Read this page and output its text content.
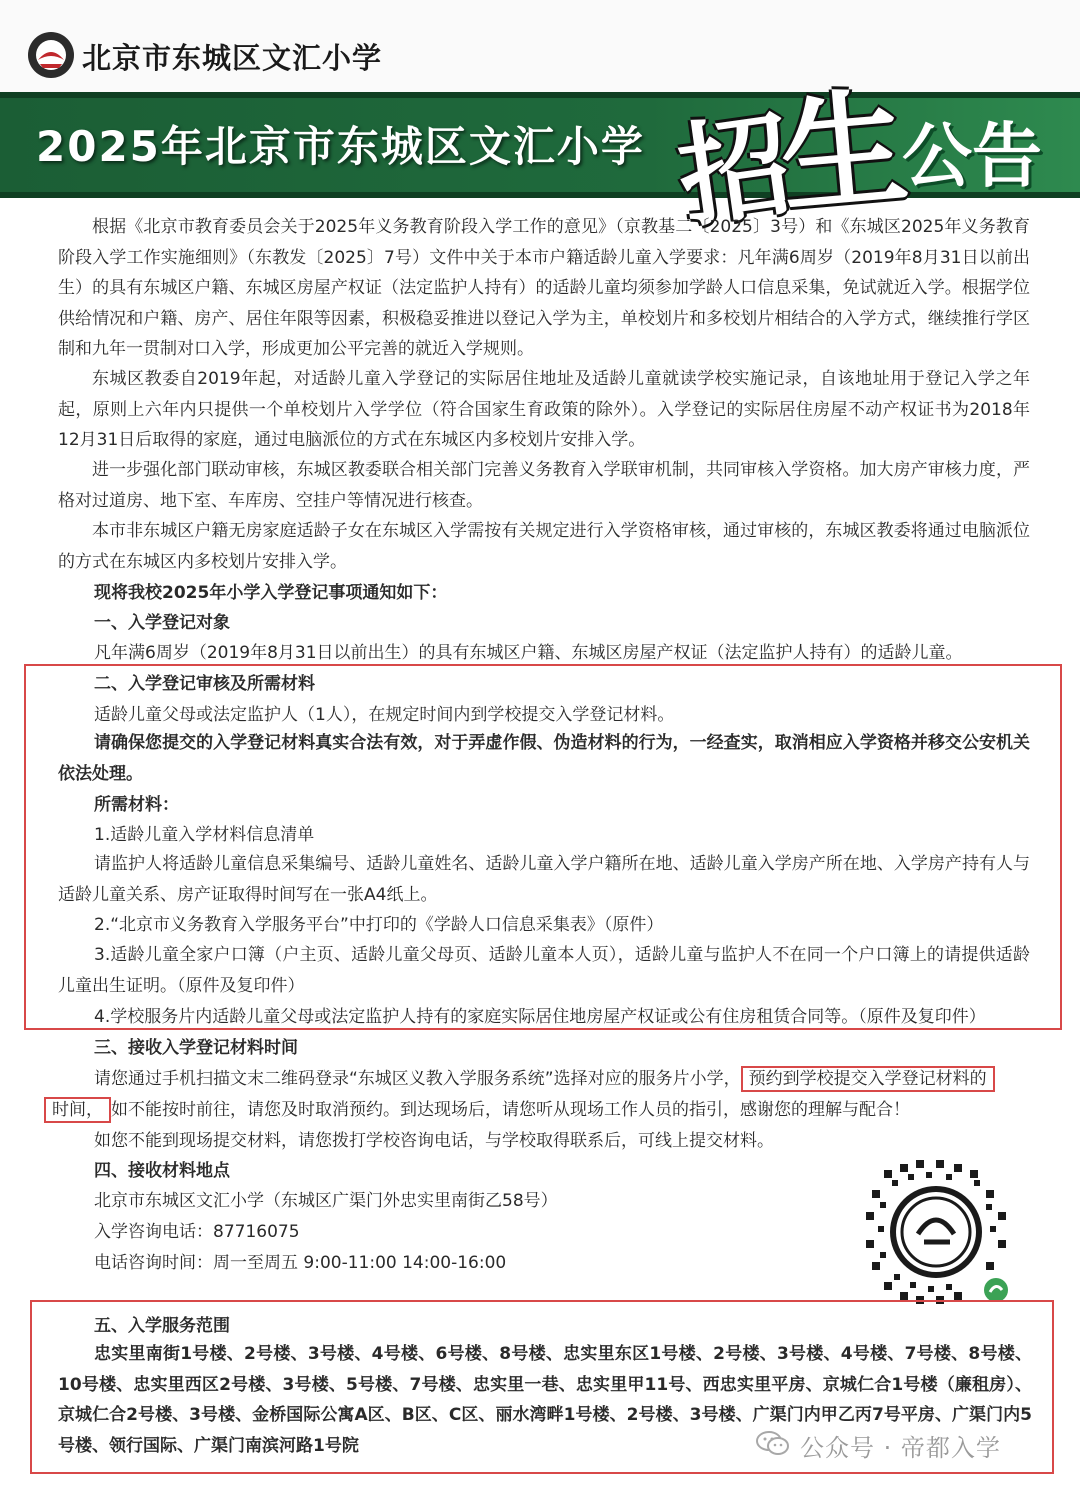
北京市东城区文汇小学
2025年北京市东城区文汇小学 招
生
公告
根据《北京市教育委员会关于2025年义务教育阶段入学工作的意见》（京教基二〔2025〕3号）和《东城区2025年义务教育阶段入学工作实施细则》（东教发〔2025〕7号）文件中关于本市户籍适龄儿童入学要求：凡年满6周岁（2019年8月31日以前出生）的具有东城区户籍、东城区房屋产权证（法定监护人持有）的适龄儿童均须参加学龄人口信息采集，免试就近入学。根据学位供给情况和户籍、房产、居住年限等因素，积极稳妥推进以登记入学为主，单校划片和多校划片相结合的入学方式，继续推行学区制和九年一贯制对口入学，形成更加公平完善的就近入学规则。
东城区教委自2019年起，对适龄儿童入学登记的实际居住地址及适龄儿童就读学校实施记录，自该地址用于登记入学之年起，原则上六年内只提供一个单校划片入学学位（符合国家生育政策的除外）。入学登记的实际居住房屋不动产权证书为2018年12月31日后取得的家庭，通过电脑派位的方式在东城区内多校划片安排入学。
进一步强化部门联动审核，东城区教委联合相关部门完善义务教育入学联审机制，共同审核入学资格。加大房产审核力度，严格对过道房、地下室、车库房、空挂户等情况进行核查。
本市非东城区户籍无房家庭适龄子女在东城区入学需按有关规定进行入学资格审核，通过审核的，东城区教委将通过电脑派位的方式在东城区内多校划片安排入学。
现将我校2025年小学入学登记事项通知如下：
一、入学登记对象
凡年满6周岁（2019年8月31日以前出生）的具有东城区户籍、东城区房屋产权证（法定监护人持有）的适龄儿童。
二、入学登记审核及所需材料
适龄儿童父母或法定监护人（1人），在规定时间内到学校提交入学登记材料。
请确保您提交的入学登记材料真实合法有效，对于弄虚作假、伪造材料的行为，一经查实，取消相应入学资格并移交公安机关依法处理。
所需材料：
1.适龄儿童入学材料信息清单
请监护人将适龄儿童信息采集编号、适龄儿童姓名、适龄儿童入学户籍所在地、适龄儿童入学房产所在地、入学房产持有人与适龄儿童关系、房产证取得时间写在一张A4纸上。
2.“北京市义务教育入学服务平台”中打印的《学龄人口信息采集表》（原件）
3.适龄儿童全家户口簿（户主页、适龄儿童父母页、适龄儿童本人页），适龄儿童与监护人不在同一个户口簿上的请提供适龄儿童出生证明。（原件及复印件）
4.学校服务片内适龄儿童父母或法定监护人持有的家庭实际居住地房屋产权证或公有住房租赁合同等。（原件及复印件）
三、接收入学登记材料时间
请您通过手机扫描文末二维码登录“东城区义教入学服务系统”选择对应的服务片小学， 预约到学校提交入学登记材料的
时间， 如不能按时前往，请您及时取消预约。到达现场后，请您听从现场工作人员的指引，感谢您的理解与配合！
如您不能到现场提交材料，请您拨打学校咨询电话，与学校取得联系后，可线上提交材料。
四、接收材料地点
北京市东城区文汇小学（东城区广渠门外忠实里南街乙58号）
入学咨询电话：87716075
电话咨询时间：周一至周五 9:00-11:00 14:00-16:00
五、入学服务范围
忠实里南街1号楼、2号楼、3号楼、4号楼、6号楼、8号楼、忠实里东区1号楼、2号楼、3号楼、4号楼、7号楼、8号楼、10号楼、忠实里西区2号楼、3号楼、5号楼、7号楼、忠实里一巷、忠实里甲11号、西忠实里平房、京城仁合1号楼（廉租房）、京城仁合2号楼、3号楼、金桥国际公寓A区、B区、C区、丽水湾畔1号楼、2号楼、3号楼、广渠门内甲乙丙7号平房、广渠门内5号楼、领行国际、广渠门南滨河路1号院	公众号 · 帝都入学
